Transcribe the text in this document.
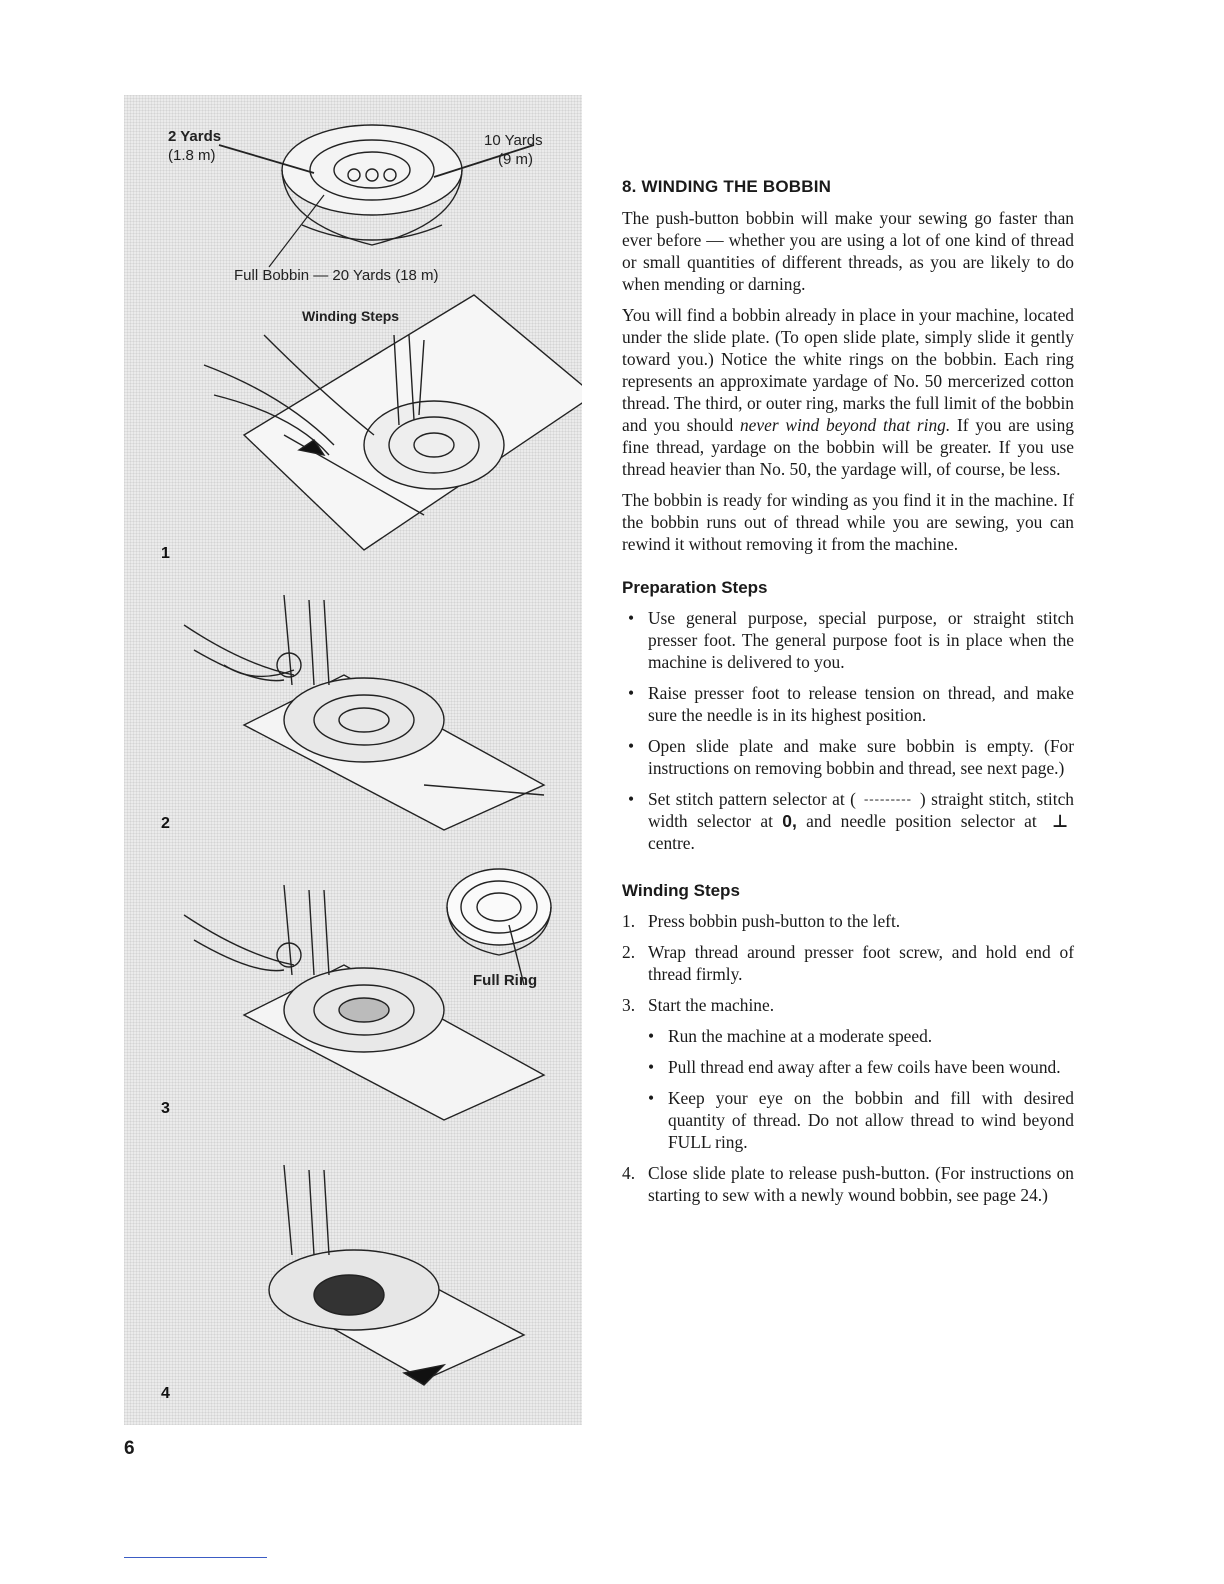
2 Yards
(1.8 m)
10 Yards
(9 m)
Full Bobbin — 20 Yards (18 m)
Winding Steps
Full Ring
1
2
3
4
8. WINDING THE BOBBIN

The push-button bobbin will make your sewing go faster than ever before — whether you are using a lot of one kind of thread or small quantities of different threads, as you are likely to do when mending or darning.

You will find a bobbin already in place in your machine, located under the slide plate. (To open slide plate, simply slide it gently toward you.) Notice the white rings on the bobbin. Each ring represents an approximate yardage of No. 50 mercerized cotton thread. The third, or outer ring, marks the full limit of the bobbin and you should never wind beyond that ring. If you are using fine thread, yardage on the bobbin will be greater. If you use thread heavier than No. 50, the yardage will, of course, be less.

The bobbin is ready for winding as you find it in the machine. If the bobbin runs out of thread while you are sewing, you can rewind it without removing it from the machine.

Preparation Steps
• Use general purpose, special purpose, or straight stitch presser foot. The general purpose foot is in place when the machine is delivered to you.
• Raise presser foot to release tension on thread, and make sure the needle is in its highest position.
• Open slide plate and make sure bobbin is empty. (For instructions on removing bobbin and thread, see next page.)
• Set stitch pattern selector at ( --------- ) straight stitch, stitch width selector at 0, and needle position selector at ⊥ centre.
Winding Steps
1. Press bobbin push-button to the left.
2. Wrap thread around presser foot screw, and hold end of thread firmly.
3. Start the machine.
• Run the machine at a moderate speed.
• Pull thread end away after a few coils have been wound.
• Keep your eye on the bobbin and fill with desired quantity of thread. Do not allow thread to wind beyond FULL ring.
4. Close slide plate to release push-button. (For instructions on starting to sew with a newly wound bobbin, see page 24.)
6
